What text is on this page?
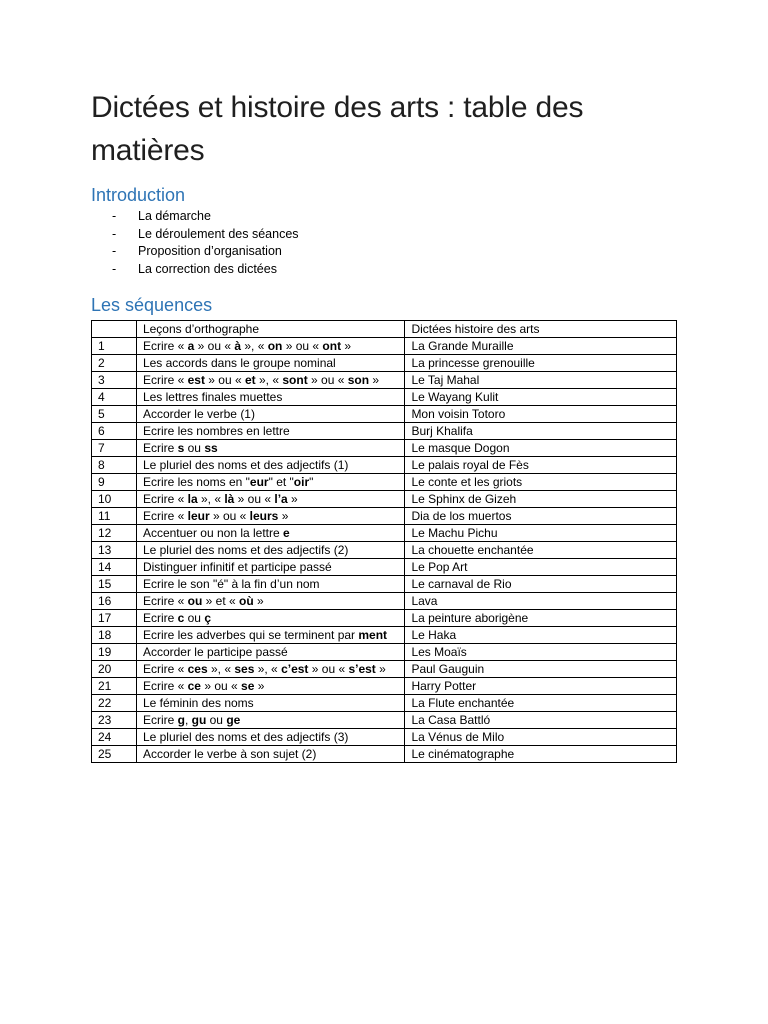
Dictées et histoire des arts : table des matières
Introduction
- La démarche
- Le déroulement des séances
- Proposition d’organisation
- La correction des dictées
Les séquences
	Leçons d’orthographe	Dictées histoire des arts
1	Ecrire « a » ou « à », « on » ou « ont »	La Grande Muraille
2	Les accords dans le groupe nominal	La princesse grenouille
3	Ecrire « est » ou « et », « sont » ou « son »	Le Taj Mahal
4	Les lettres finales muettes	Le Wayang Kulit
5	Accorder le verbe (1)	Mon voisin Totoro
6	Ecrire les nombres en lettre	Burj Khalifa
7	Ecrire s ou ss	Le masque Dogon
8	Le pluriel des noms et des adjectifs (1)	Le palais royal de Fès
9	Ecrire les noms en "eur" et "oir"	Le conte et les griots
10	Ecrire « la », « là » ou « l’a »	Le Sphinx de Gizeh
11	Ecrire « leur » ou « leurs »	Dia de los muertos
12	Accentuer ou non la lettre e	Le Machu Pichu
13	Le pluriel des noms et des adjectifs (2)	La chouette enchantée
14	Distinguer infinitif et participe passé	Le Pop Art
15	Ecrire le son "é" à la fin d’un nom	Le carnaval de Rio
16	Ecrire « ou » et « où »	Lava
17	Ecrire c ou ç	La peinture aborigène
18	Ecrire les adverbes qui se terminent par ment	Le Haka
19	Accorder le participe passé	Les Moaïs
20	Ecrire « ces », « ses », « c’est » ou « s’est »	Paul Gauguin
21	Ecrire « ce » ou « se »	Harry Potter
22	Le féminin des noms	La Flute enchantée
23	Ecrire g, gu ou ge	La Casa Battló
24	Le pluriel des noms et des adjectifs (3)	La Vénus de Milo
25	Accorder le verbe à son sujet (2)	Le cinématographe
